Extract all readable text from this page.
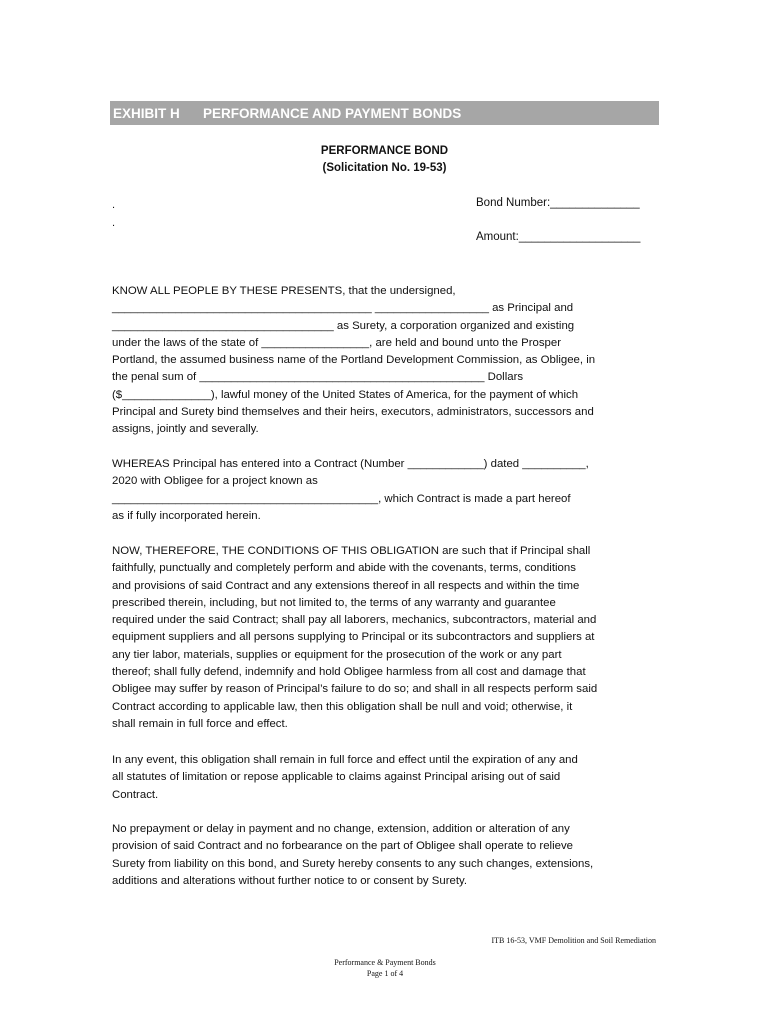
EXHIBIT H	PERFORMANCE AND PAYMENT BONDS
PERFORMANCE BOND
(Solicitation No. 19-53)
.
.
Bond Number:______________
Amount:___________________

KNOW ALL PEOPLE BY THESE PRESENTS, that the undersigned,
_________________________________________ __________________ as Principal and
___________________________________ as Surety, a corporation organized and existing
under the laws of the state of _________________, are held and bound unto the Prosper
Portland, the assumed business name of the Portland Development Commission, as Obligee, in
the penal sum of _____________________________________________ Dollars
($______________), lawful money of the United States of America, for the payment of which
Principal and Surety bind themselves and their heirs, executors, administrators, successors and
assigns, jointly and severally.

WHEREAS Principal has entered into a Contract (Number ____________) dated __________,
2020 with Obligee for a project known as
__________________________________________, which Contract is made a part hereof
as if fully incorporated herein.

NOW, THEREFORE, THE CONDITIONS OF THIS OBLIGATION are such that if Principal shall
faithfully, punctually and completely perform and abide with the covenants, terms, conditions
and provisions of said Contract and any extensions thereof in all respects and within the time
prescribed therein, including, but not limited to, the terms of any warranty and guarantee
required under the said Contract; shall pay all laborers, mechanics, subcontractors, material and
equipment suppliers and all persons supplying to Principal or its subcontractors and suppliers at
any tier labor, materials, supplies or equipment for the prosecution of the work or any part
thereof; shall fully defend, indemnify and hold Obligee harmless from all cost and damage that
Obligee may suffer by reason of Principal’s failure to do so; and shall in all respects perform said
Contract according to applicable law, then this obligation shall be null and void; otherwise, it
shall remain in full force and effect.

In any event, this obligation shall remain in full force and effect until the expiration of any and
all statutes of limitation or repose applicable to claims against Principal arising out of said
Contract.

No prepayment or delay in payment and no change, extension, addition or alteration of any
provision of said Contract and no forbearance on the part of Obligee shall operate to relieve
Surety from liability on this bond, and Surety hereby consents to any such changes, extensions,
additions and alterations without further notice to or consent by Surety.

ITB 16-53, VMF Demolition and Soil Remediation
Performance & Payment Bonds
Page 1 of 4
